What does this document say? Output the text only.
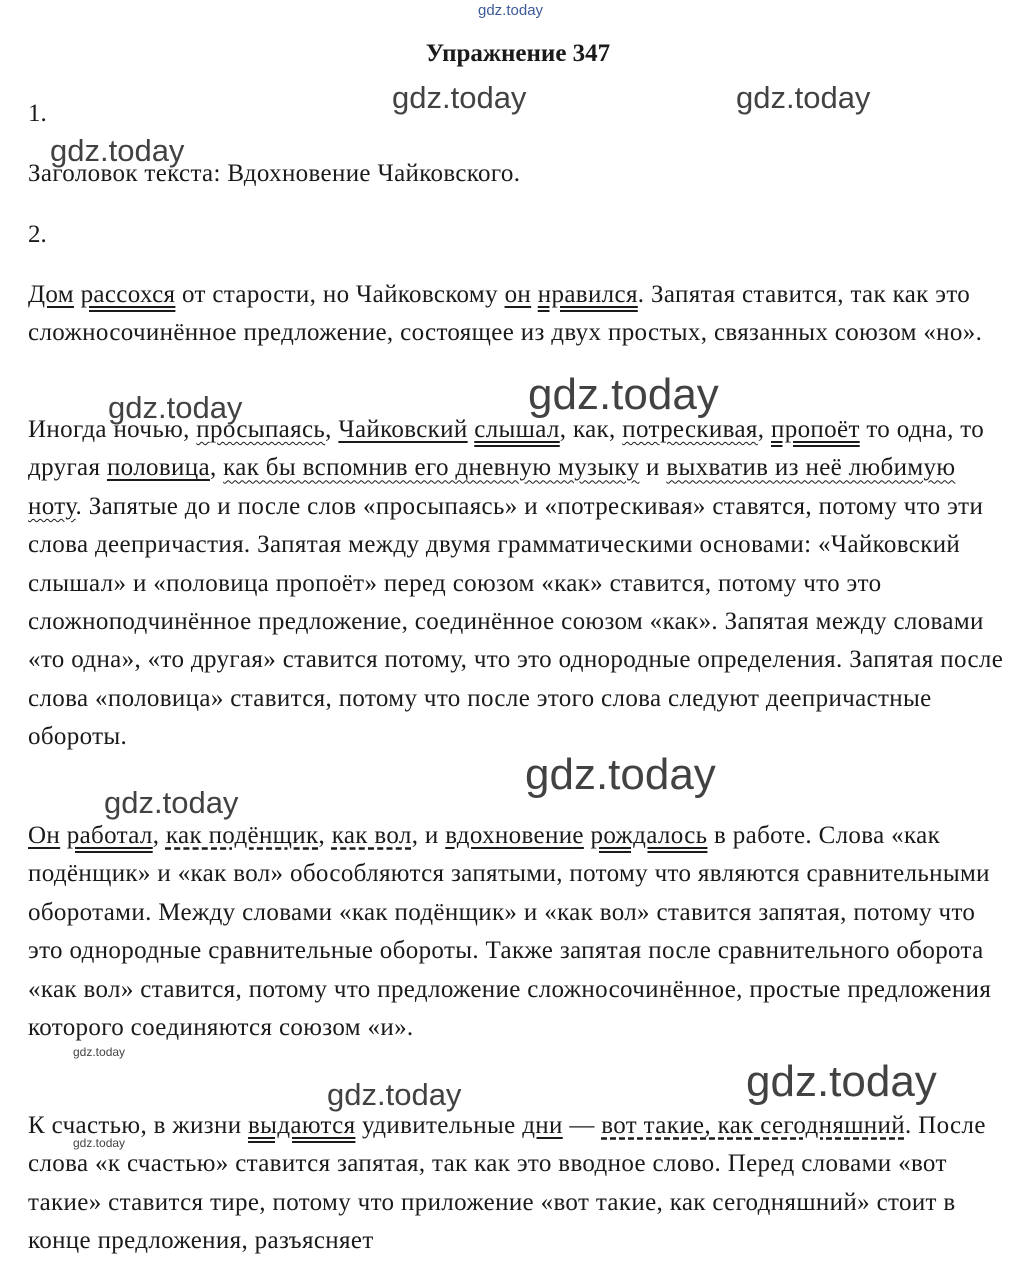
gdz.today
Упражнение 347
1.
Заголовок текста: Вдохновение Чайковского.
2.

Дом рассохся от старости, но Чайковскому он нравился. Запятая ставится, так как это сложносочинённое предложение, состоящее из двух простых, связанных союзом «но».

Иногда ночью, просыпаясь, Чайковский слышал, как, потрескивая, пропоёт то одна, то другая половица, как бы вспомнив его дневную музыку и выхватив из неё любимую ноту. Запятые до и после слов «просыпаясь» и «потрескивая» ставятся, потому что эти слова деепричастия. Запятая между двумя грамматическими основами: «Чайковский слышал» и «половица пропоёт» перед союзом «как» ставится, потому что это сложноподчинённое предложение, соединённое союзом «как». Запятая между словами «то одна», «то другая» ставится потому, что это однородные определения. Запятая после слова «половица» ставится, потому что после этого слова следуют деепричастные обороты.

Он работал, как подёнщик, как вол, и вдохновение рождалось в работе. Слова «как подёнщик» и «как вол» обособляются запятыми, потому что являются сравнительными оборотами. Между словами «как подёнщик» и «как вол» ставится запятая, потому что это однородные сравнительные обороты. Также запятая после сравнительного оборота «как вол» ставится, потому что предложение сложносочинённое, простые предложения которого соединяются союзом «и».

К счастью, в жизни выдаются удивительные дни — вот такие, как сегодняшний. После слова «к счастью» ставится запятая, так как это вводное слово. Перед словами «вот такие» ставится тире, потому что приложение «вот такие, как сегодняшний» стоит в конце предложения, разъясняет

gdz.today	gdz.today
gdz.today
gdz.today
gdz.today
gdz.today
gdz.today
gdz.today
gdz.today
gdz.today
gdz.today
